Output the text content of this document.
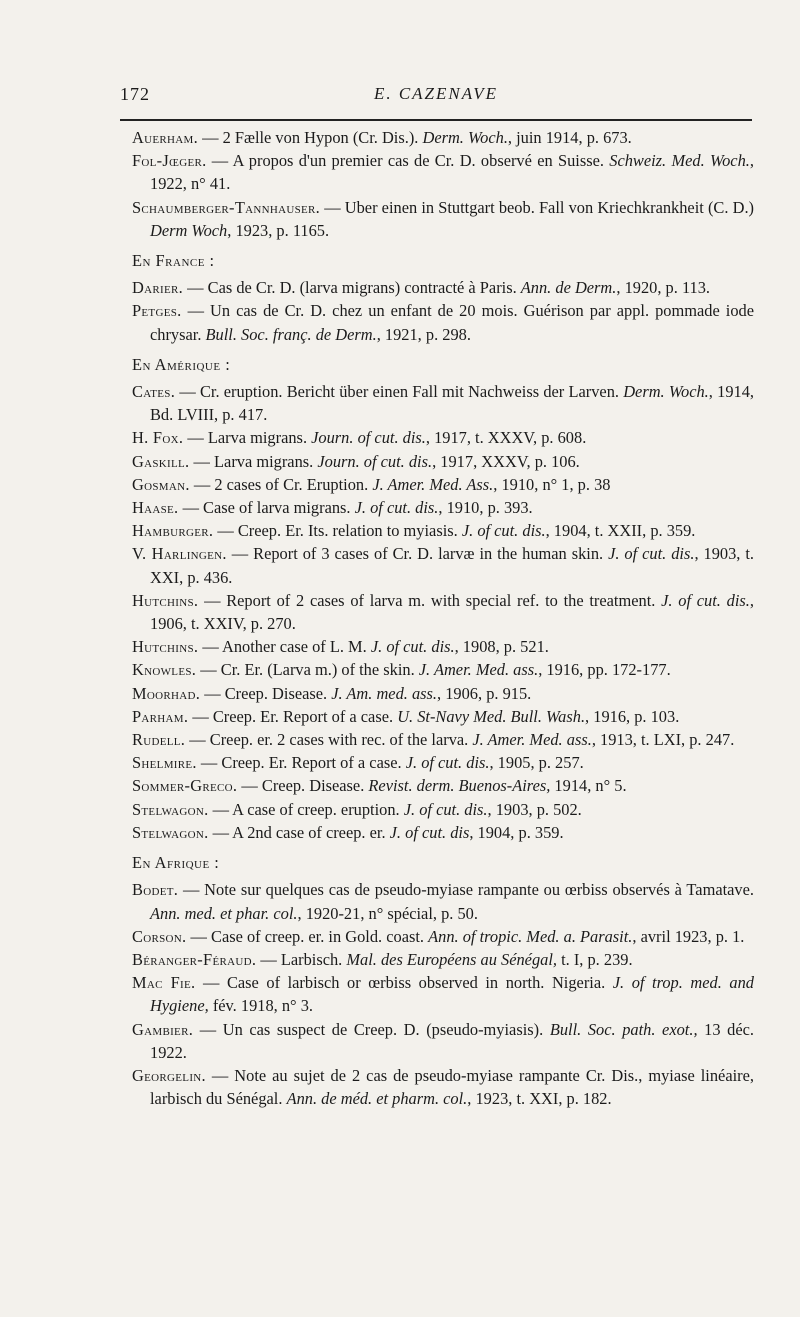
172	E. CAZENAVE

Auerham. — 2 Fælle von Hypon (Cr. Dis.). Derm. Woch., juin 1914, p. 673.

Fol-Jœger. — A propos d'un premier cas de Cr. D. observé en Suisse. Schweiz. Med. Woch., 1922, n° 41.

Schaumberger-Tannhauser. — Uber einen in Stuttgart beob. Fall von Kriechkrankheit (C. D.) Derm Woch, 1923, p. 1165.

En France :

Darier. — Cas de Cr. D. (larva migrans) contracté à Paris. Ann. de Derm., 1920, p. 113.

Petges. — Un cas de Cr. D. chez un enfant de 20 mois. Guérison par appl. pommade iode chrysar. Bull. Soc. franç. de Derm., 1921, p. 298.

En Amérique :

Cates. — Cr. eruption. Bericht über einen Fall mit Nachweiss der Larven. Derm. Woch., 1914, Bd. LVIII, p. 417.

H. Fox. — Larva migrans. Journ. of cut. dis., 1917, t. XXXV, p. 608.

Gaskill. — Larva migrans. Journ. of cut. dis., 1917, XXXV, p. 106.

Gosman. — 2 cases of Cr. Eruption. J. Amer. Med. Ass., 1910, n° 1, p. 38

Haase. — Case of larva migrans. J. of cut. dis., 1910, p. 393.

Hamburger. — Creep. Er. Its. relation to myiasis. J. of cut. dis., 1904, t. XXII, p. 359.

V. Harlingen. — Report of 3 cases of Cr. D. larvæ in the human skin. J. of cut. dis., 1903, t. XXI, p. 436.

Hutchins. — Report of 2 cases of larva m. with special ref. to the treatment. J. of cut. dis., 1906, t. XXIV, p. 270.

Hutchins. — Another case of L. M. J. of cut. dis., 1908, p. 521.

Knowles. — Cr. Er. (Larva m.) of the skin. J. Amer. Med. ass., 1916, pp. 172-177.

Moorhad. — Creep. Disease. J. Am. med. ass., 1906, p. 915.

Parham. — Creep. Er. Report of a case. U. St-Navy Med. Bull. Wash., 1916, p. 103.

Rudell. — Creep. er. 2 cases with rec. of the larva. J. Amer. Med. ass., 1913, t. LXI, p. 247.

Shelmire. — Creep. Er. Report of a case. J. of cut. dis., 1905, p. 257.

Sommer-Greco. — Creep. Disease. Revist. derm. Buenos-Aires, 1914, n° 5.

Stelwagon. — A case of creep. eruption. J. of cut. dis., 1903, p. 502.

Stelwagon. — A 2nd case of creep. er. J. of cut. dis, 1904, p. 359.

En Afrique :

Bodet. — Note sur quelques cas de pseudo-myiase rampante ou œrbiss observés à Tamatave. Ann. med. et phar. col., 1920-21, n° spécial, p. 50.

Corson. — Case of creep. er. in Gold. coast. Ann. of tropic. Med. a. Parasit., avril 1923, p. 1.

Béranger-Féraud. — Larbisch. Mal. des Européens au Sénégal, t. I, p. 239.

Mac Fie. — Case of larbisch or œrbiss observed in north. Nigeria. J. of trop. med. and Hygiene, fév. 1918, n° 3.

Gambier. — Un cas suspect de Creep. D. (pseudo-myiasis). Bull. Soc. path. exot., 13 déc. 1922.

Georgelin. — Note au sujet de 2 cas de pseudo-myiase rampante Cr. Dis., myiase linéaire, larbisch du Sénégal. Ann. de méd. et pharm. col., 1923, t. XXI, p. 182.
